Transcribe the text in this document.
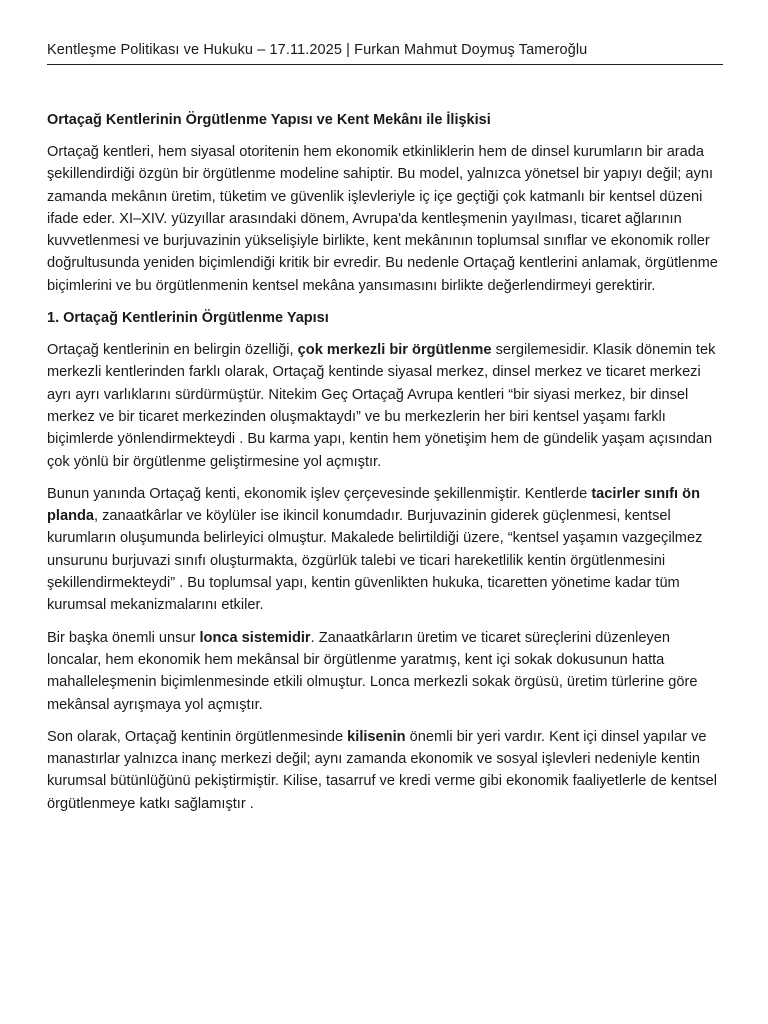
Kentleşme Politikası ve Hukuku – 17.11.2025 | Furkan Mahmut Doymuş Tameroğlu
Ortaçağ Kentlerinin Örgütlenme Yapısı ve Kent Mekânı ile İlişkisi

Ortaçağ kentleri, hem siyasal otoritenin hem ekonomik etkinliklerin hem de dinsel kurumların bir arada şekillendirdiği özgün bir örgütlenme modeline sahiptir. Bu model, yalnızca yönetsel bir yapıyı değil; aynı zamanda mekânın üretim, tüketim ve güvenlik işlevleriyle iç içe geçtiği çok katmanlı bir kentsel düzeni ifade eder. XI–XIV. yüzyıllar arasındaki dönem, Avrupa'da kentleşmenin yayılması, ticaret ağlarının kuvvetlenmesi ve burjuvazinin yükselişiyle birlikte, kent mekânının toplumsal sınıflar ve ekonomik roller doğrultusunda yeniden biçimlendiği kritik bir evredir. Bu nedenle Ortaçağ kentlerini anlamak, örgütlenme biçimlerini ve bu örgütlenmenin kentsel mekâna yansımasını birlikte değerlendirmeyi gerektirir.

1. Ortaçağ Kentlerinin Örgütlenme Yapısı

Ortaçağ kentlerinin en belirgin özelliği, çok merkezli bir örgütlenme sergilemesidir. Klasik dönemin tek merkezli kentlerinden farklı olarak, Ortaçağ kentinde siyasal merkez, dinsel merkez ve ticaret merkezi ayrı ayrı varlıklarını sürdürmüştür. Nitekim Geç Ortaçağ Avrupa kentleri “bir siyasi merkez, bir dinsel merkez ve bir ticaret merkezinden oluşmaktaydı” ve bu merkezlerin her biri kentsel yaşamı farklı biçimlerde yönlendirmekteydi . Bu karma yapı, kentin hem yönetişim hem de gündelik yaşam açısından çok yönlü bir örgütlenme geliştirmesine yol açmıştır.

Bunun yanında Ortaçağ kenti, ekonomik işlev çerçevesinde şekillenmiştir. Kentlerde tacirler sınıfı ön planda, zanaatkârlar ve köylüler ise ikincil konumdadır. Burjuvazinin giderek güçlenmesi, kentsel kurumların oluşumunda belirleyici olmuştur. Makalede belirtildiği üzere, “kentsel yaşamın vazgeçilmez unsurunu burjuvazi sınıfı oluşturmakta, özgürlük talebi ve ticari hareketlilik kentin örgütlenmesini şekillendirmekteydi” . Bu toplumsal yapı, kentin güvenlikten hukuka, ticaretten yönetime kadar tüm kurumsal mekanizmalarını etkiler.

Bir başka önemli unsur lonca sistemidir. Zanaatkârların üretim ve ticaret süreçlerini düzenleyen loncalar, hem ekonomik hem mekânsal bir örgütlenme yaratmış, kent içi sokak dokusunun hatta mahalleleşmenin biçimlenmesinde etkili olmuştur. Lonca merkezli sokak örgüsü, üretim türlerine göre mekânsal ayrışmaya yol açmıştır.

Son olarak, Ortaçağ kentinin örgütlenmesinde kilisenin önemli bir yeri vardır. Kent içi dinsel yapılar ve manastırlar yalnızca inanç merkezi değil; aynı zamanda ekonomik ve sosyal işlevleri nedeniyle kentin kurumsal bütünlüğünü pekiştirmiştir. Kilise, tasarruf ve kredi verme gibi ekonomik faaliyetlerle de kentsel örgütlenmeye katkı sağlamıştır .
